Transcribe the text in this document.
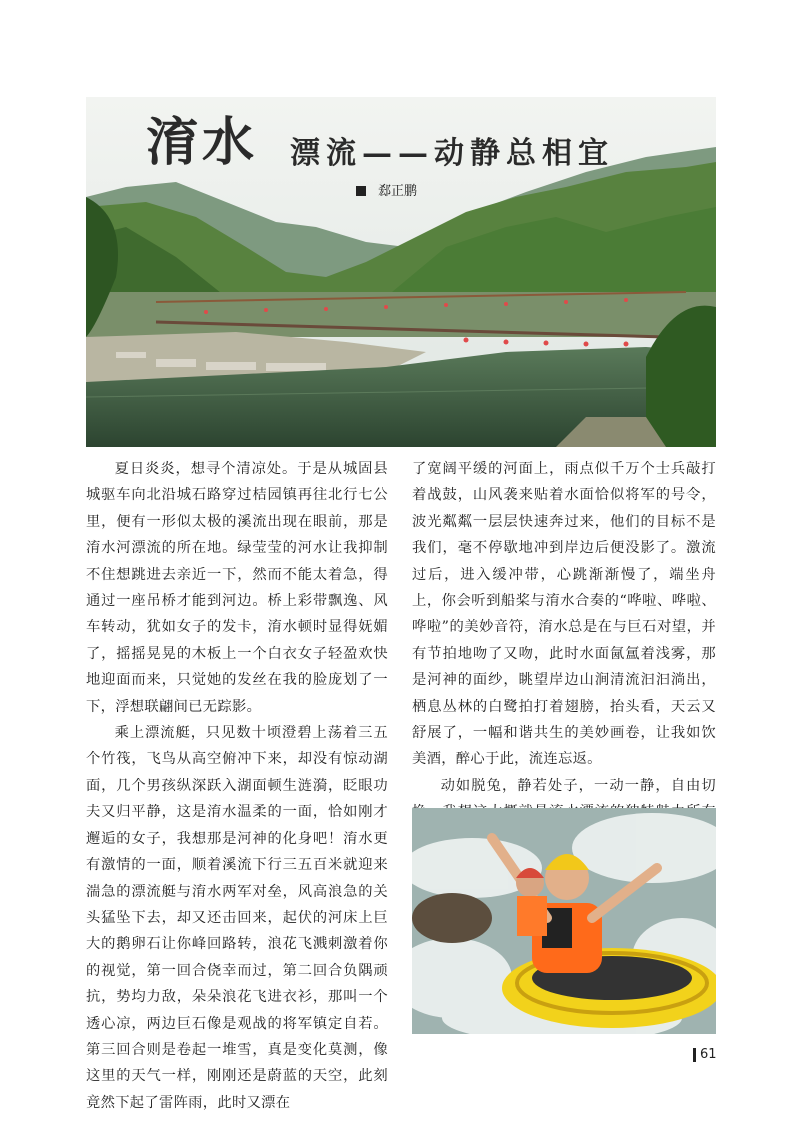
淯水 漂流——动静总相宜
郄正鹏

夏日炎炎，想寻个清凉处。于是从城固县城驱车向北沿城石路穿过桔园镇再往北行七公里，便有一形似太极的溪流出现在眼前，那是淯水河漂流的所在地。绿莹莹的河水让我抑制不住想跳进去亲近一下，然而不能太着急，得通过一座吊桥才能到河边。桥上彩带飘逸、风车转动，犹如女子的发卡，淯水顿时显得妩媚了，摇摇晃晃的木板上一个白衣女子轻盈欢快地迎面而来，只觉她的发丝在我的脸庞划了一下，浮想联翩间已无踪影。

乘上漂流艇，只见数十顷澄碧上荡着三五个竹筏，飞鸟从高空俯冲下来，却没有惊动湖面，几个男孩纵深跃入湖面顿生涟漪，眨眼功夫又归平静，这是淯水温柔的一面，恰如刚才邂逅的女子，我想那是河神的化身吧！淯水更有激情的一面，顺着溪流下行三五百米就迎来湍急的漂流艇与淯水两军对垒，风高浪急的关头猛坠下去，却又还击回来，起伏的河床上巨大的鹅卵石让你峰回路转，浪花飞溅刺激着你的视觉，第一回合侥幸而过，第二回合负隅顽抗，势均力敌，朵朵浪花飞进衣衫，那叫一个透心凉，两边巨石像是观战的将军镇定自若。第三回合则是卷起一堆雪，真是变化莫测，像这里的天气一样，刚刚还是蔚蓝的天空，此刻竟然下起了雷阵雨，此时又漂在

了宽阔平缓的河面上，雨点似千万个士兵敲打着战鼓，山风袭来贴着水面恰似将军的号令，波光粼粼一层层快速奔过来，他们的目标不是我们，毫不停歇地冲到岸边后便没影了。激流过后，进入缓冲带，心跳渐渐慢了，端坐舟上，你会听到船桨与淯水合奏的“哗啦、哗啦、哗啦”的美妙音符，淯水总是在与巨石对望，并有节拍地吻了又吻，此时水面氤氲着浅雾，那是河神的面纱，眺望岸边山涧清流汩汩淌出，栖息丛林的白鹭拍打着翅膀，抬头看，天云又舒展了，一幅和谐共生的美妙画卷，让我如饮美酒，醉心于此，流连忘返。

动如脱兔，静若处子，一动一静，自由切

61
